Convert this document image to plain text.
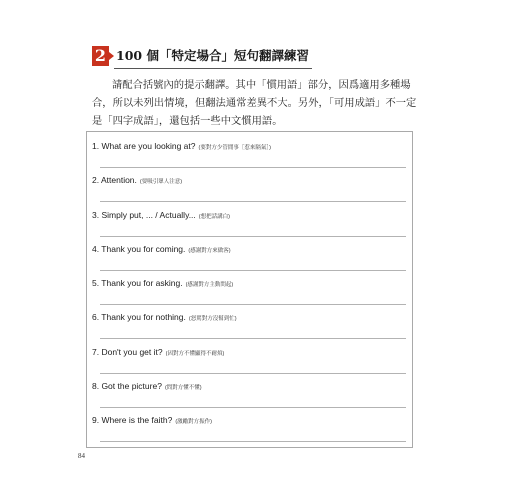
2 100 個「特定場合」短句翻譯練習

請配合括號內的提示翻譯。其中「慣用語」部分，因爲適用多種場合，所以未列出情境，但翻法通常差異不大。另外，「可用成語」不一定是「四字成語」，還包括一些中文慣用語。

1. What are you looking at? (要對方少管閒事［惹來隔氣］)
2. Attention. (要吸引眾人注意)
3. Simply put, ... / Actually... (想把話講白)
4. Thank you for coming. (感謝對方來做客)
5. Thank you for asking. (感謝對方主動問起)
6. Thank you for nothing. (怒罵對方沒幫到忙)
7. Don't you get it? (因對方不懂顯得不耐煩)
8. Got the picture? (問對方懂不懂)
9. Where is the faith? (激勵對方振作)
84
